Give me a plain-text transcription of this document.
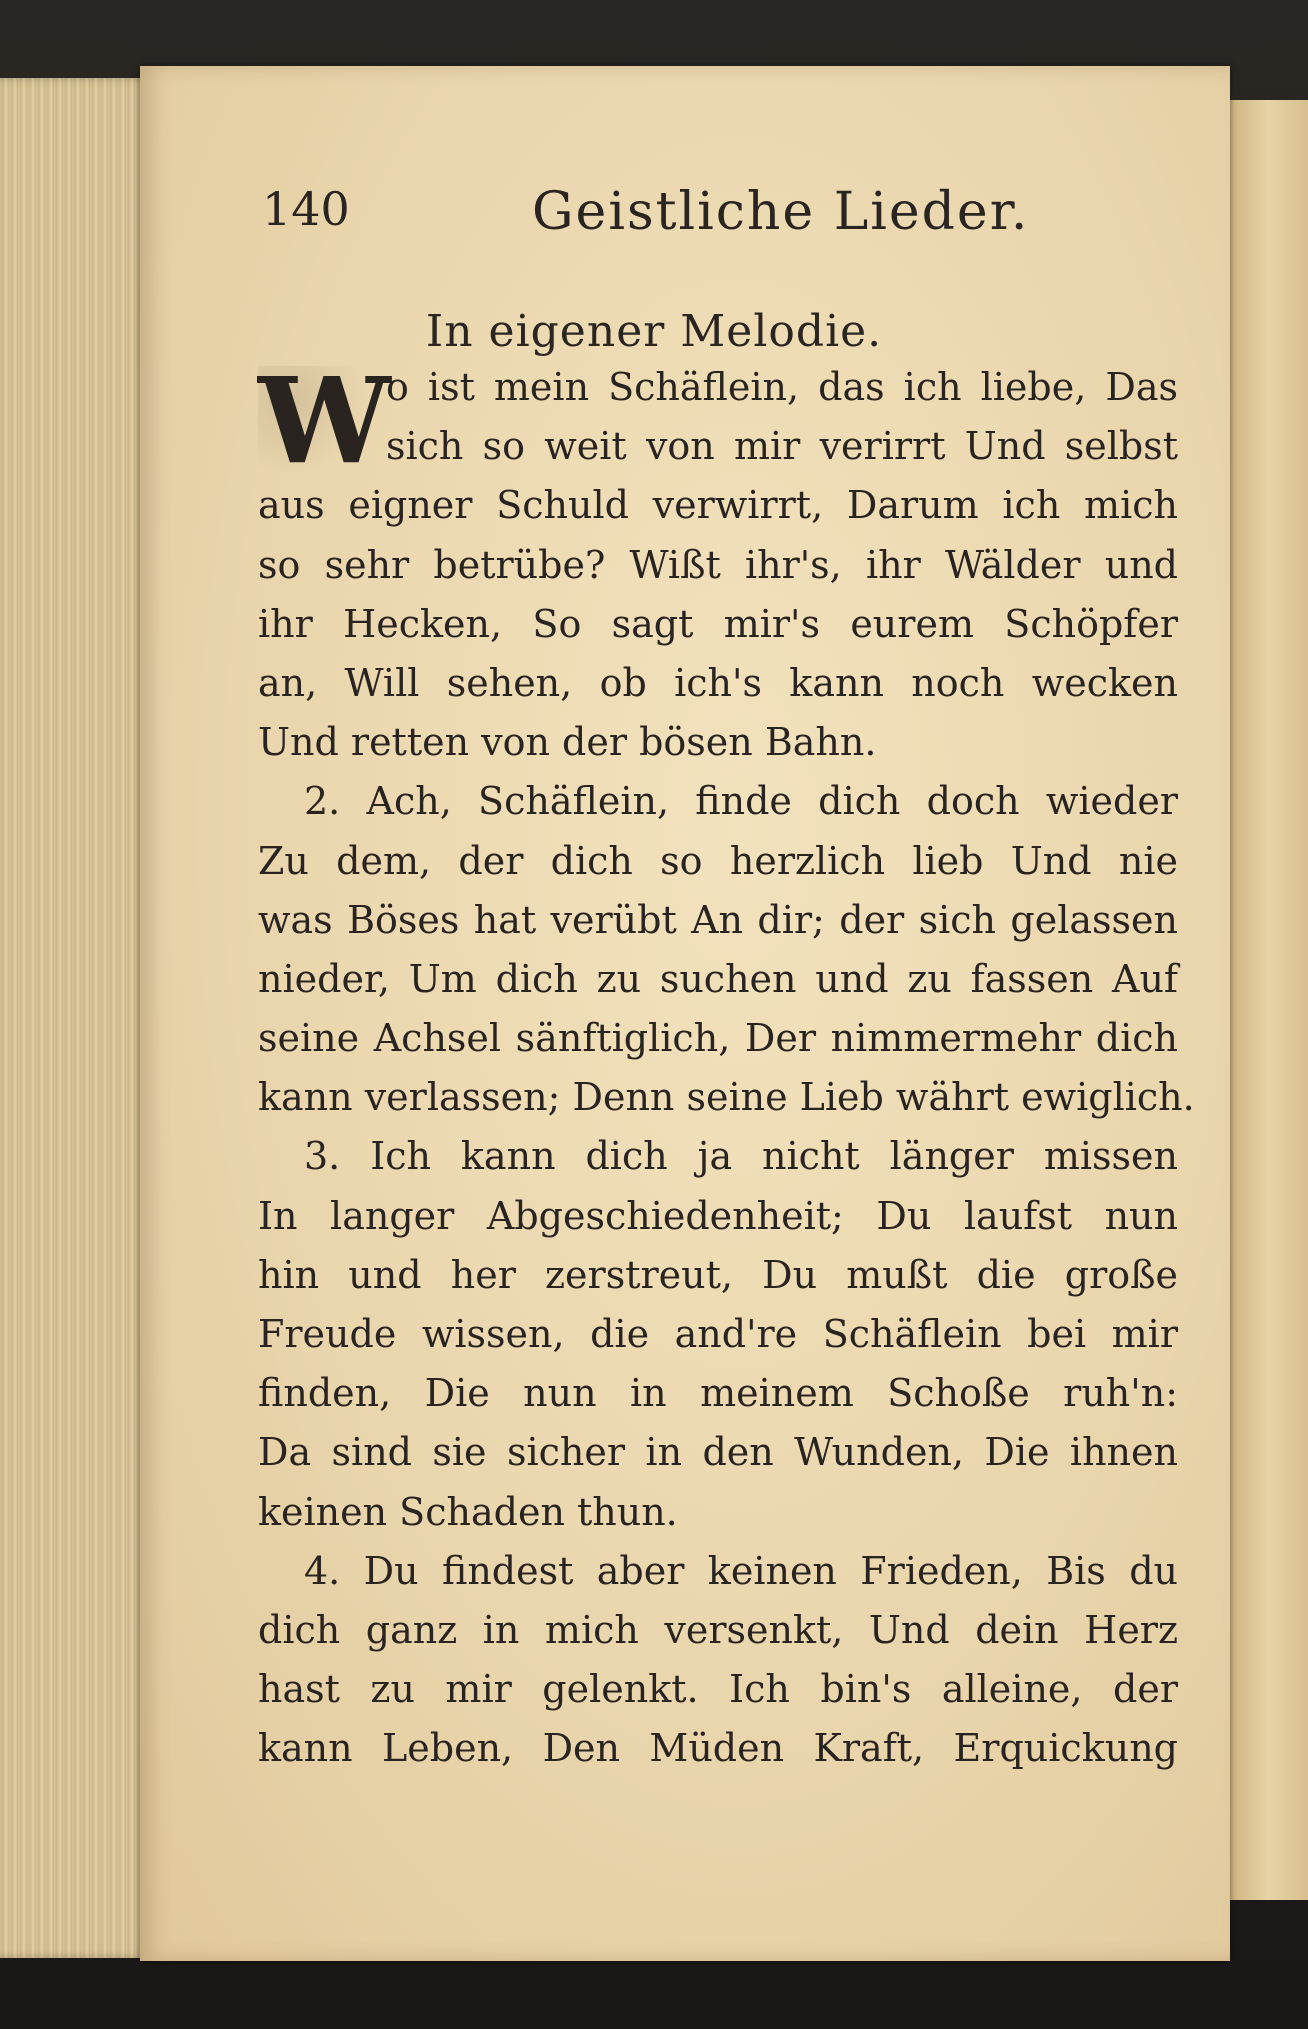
140	Geistliche Lieder.
In eigener Melodie.
W
o ist mein Schäflein, das ich liebe, Das
sich so weit von mir verirrt Und selbst
aus eigner Schuld verwirrt, Darum ich mich
so sehr betrübe? Wißt ihr's, ihr Wälder und
ihr Hecken, So sagt mir's eurem Schöpfer
an, Will sehen, ob ich's kann noch wecken
Und retten von der bösen Bahn.
2. Ach, Schäflein, finde dich doch wieder
Zu dem, der dich so herzlich lieb Und nie
was Böses hat verübt An dir; der sich gelassen
nieder, Um dich zu suchen und zu fassen Auf
seine Achsel sänftiglich, Der nimmermehr dich
kann verlassen; Denn seine Lieb währt ewiglich.
3. Ich kann dich ja nicht länger missen
In langer Abgeschiedenheit; Du laufst nun
hin und her zerstreut, Du mußt die große
Freude wissen, die and're Schäflein bei mir
finden, Die nun in meinem Schoße ruh'n:
Da sind sie sicher in den Wunden, Die ihnen
keinen Schaden thun.
4. Du findest aber keinen Frieden, Bis du
dich ganz in mich versenkt, Und dein Herz
hast zu mir gelenkt. Ich bin's alleine, der
kann Leben, Den Müden Kraft, Erquickung
